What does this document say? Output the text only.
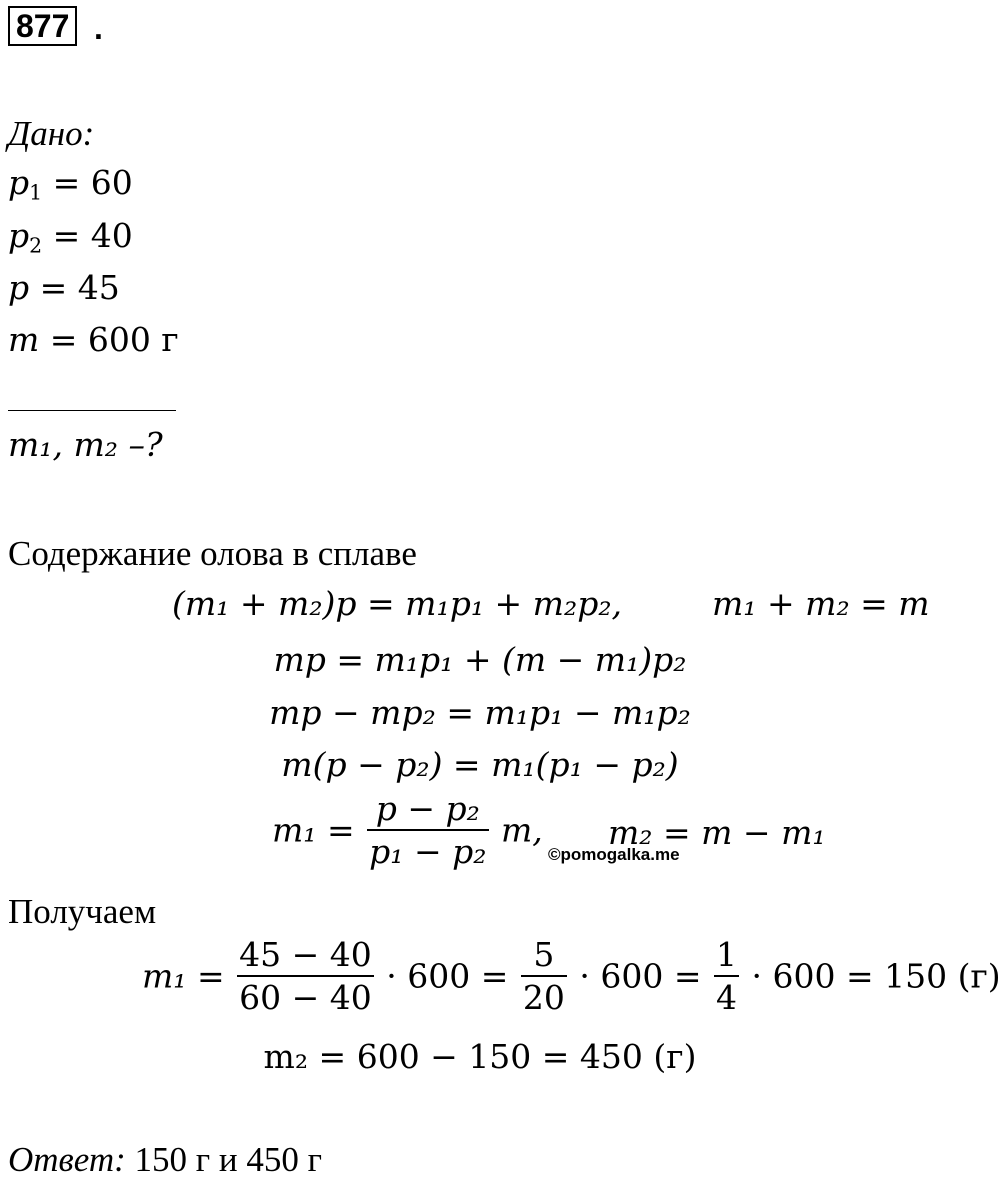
877 .
Дано:
$p_1 = 60$
$p_2 = 40$
p = 45
m = 600 г
m₁, m₂ –?
Содержание олова в сплаве
(m₁ + m₂)p = m₁p₁ + m₂p₂,	m₁ + m₂ = m
mp = m₁p₁ + (m − m₁)p₂
mp − mp₂ = m₁p₁ − m₁p₂
m(p − p₂) = m₁(p₁ − p₂)
$m_1 = \frac{\text{p − p₂}}{\text{p₁ − p₂}} m$, m₂ = m − m₁
©pomogalka.me
Получаем
$m_1 = \frac{45 - 40}{60 - 40} \cdot 600 = \frac{5}{20} \cdot 600 = \frac{1}{4} \cdot 600 = 150$ (г)
m₂ = 600 − 150 = 450 (г)
Ответ: 150 г и 450 г
